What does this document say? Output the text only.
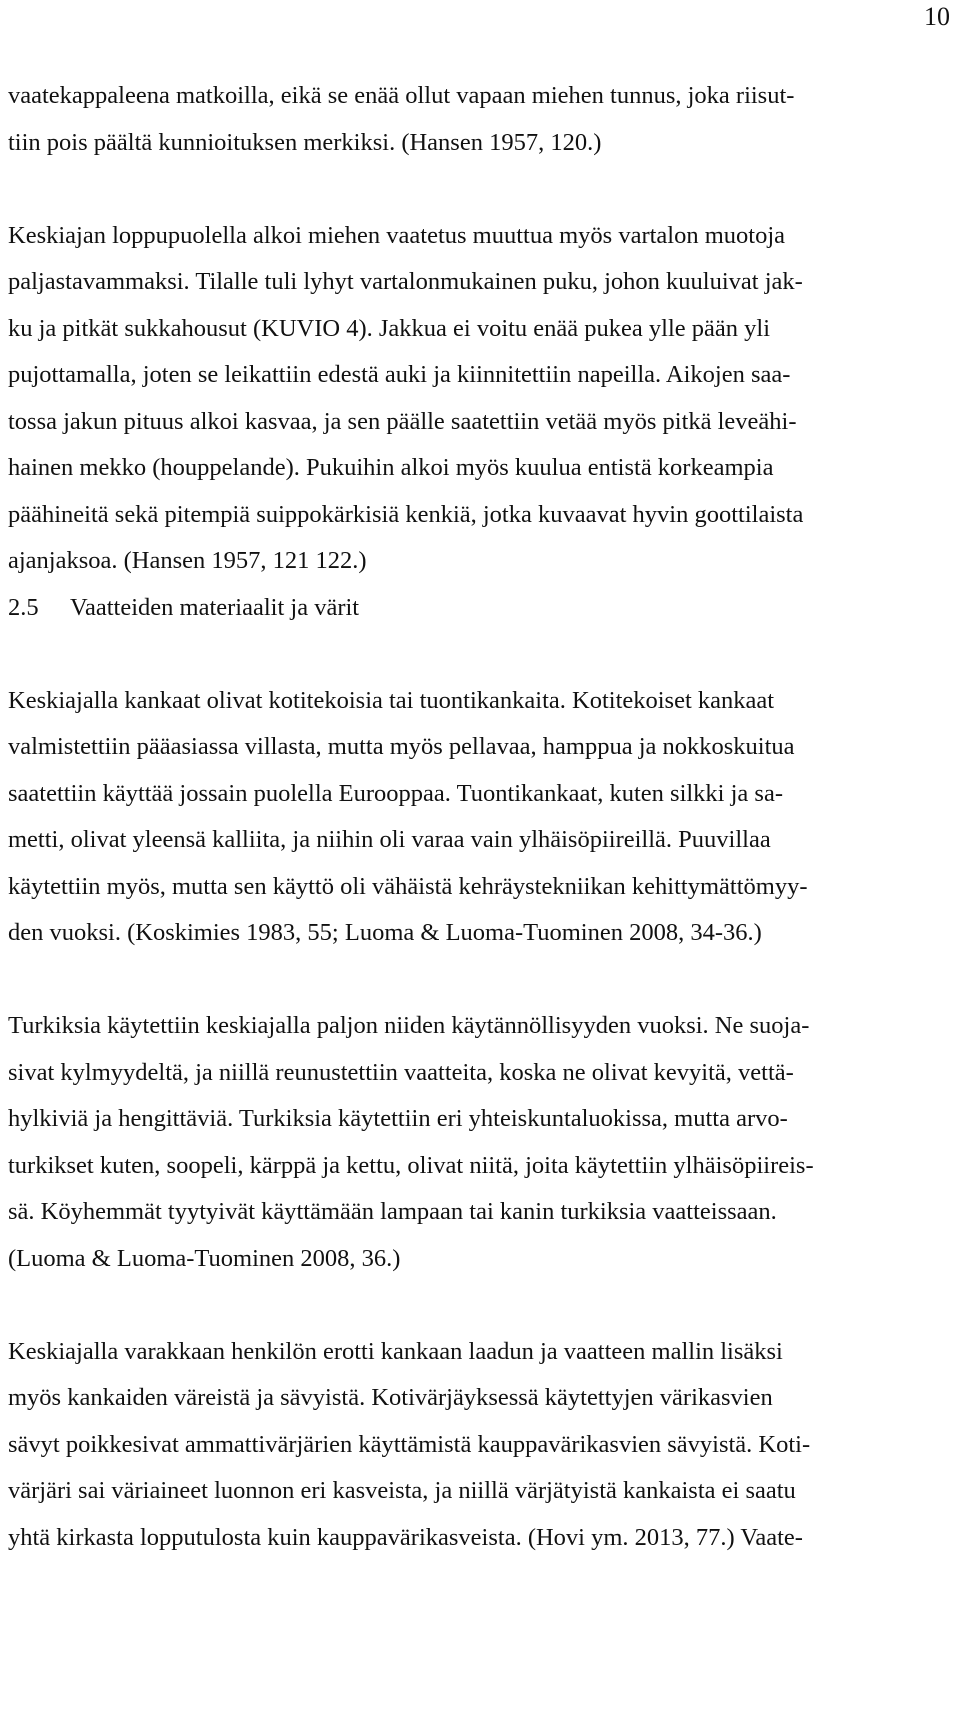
10

vaatekappaleena matkoilla, eikä se enää ollut vapaan miehen tunnus, joka riisut-
tiin pois päältä kunnioituksen merkiksi. (Hansen 1957, 120.)

Keskiajan loppupuolella alkoi miehen vaatetus muuttua myös vartalon muotoja
paljastavammaksi. Tilalle tuli lyhyt vartalonmukainen puku, johon kuuluivat jak-
ku ja pitkät sukkahousut (KUVIO 4). Jakkua ei voitu enää pukea ylle pään yli
pujottamalla, joten se leikattiin edestä auki ja kiinnitettiin napeilla. Aikojen saa-
tossa jakun pituus alkoi kasvaa, ja sen päälle saatettiin vetää myös pitkä leveähi-
hainen mekko (houppelande). Pukuihin alkoi myös kuulua entistä korkeampia
päähineitä sekä pitempiä suippokärkisiä kenkiä, jotka kuvaavat hyvin goottilaista
ajanjaksoa. (Hansen 1957, 121 122.)

2.5 Vaatteiden materiaalit ja värit

Keskiajalla kankaat olivat kotitekoisia tai tuontikankaita. Kotitekoiset kankaat
valmistettiin pääasiassa villasta, mutta myös pellavaa, hamppua ja nokkoskuitua
saatettiin käyttää jossain puolella Eurooppaa. Tuontikankaat, kuten silkki ja sa-
metti, olivat yleensä kalliita, ja niihin oli varaa vain ylhäisöpiireillä. Puuvillaa
käytettiin myös, mutta sen käyttö oli vähäistä kehräystekniikan kehittymättömyy-
den vuoksi. (Koskimies 1983, 55; Luoma & Luoma-Tuominen 2008, 34-36.)

Turkiksia käytettiin keskiajalla paljon niiden käytännöllisyyden vuoksi. Ne suoja-
sivat kylmyydeltä, ja niillä reunustettiin vaatteita, koska ne olivat kevyitä, vettä-
hylkiviä ja hengittäviä. Turkiksia käytettiin eri yhteiskuntaluokissa, mutta arvo-
turkikset kuten, soopeli, kärppä ja kettu, olivat niitä, joita käytettiin ylhäisöpiireis-
sä. Köyhemmät tyytyivät käyttämään lampaan tai kanin turkiksia vaatteissaan.
(Luoma & Luoma-Tuominen 2008, 36.)

Keskiajalla varakkaan henkilön erotti kankaan laadun ja vaatteen mallin lisäksi
myös kankaiden väreistä ja sävyistä. Kotivärjäyksessä käytettyjen värikasvien
sävyt poikkesivat ammattivärjärien käyttämistä kauppavärikasvien sävyistä. Koti-
värjäri sai väriaineet luonnon eri kasveista, ja niillä värjätyistä kankaista ei saatu
yhtä kirkasta lopputulosta kuin kauppavärikasveista. (Hovi ym. 2013, 77.) Vaate-
